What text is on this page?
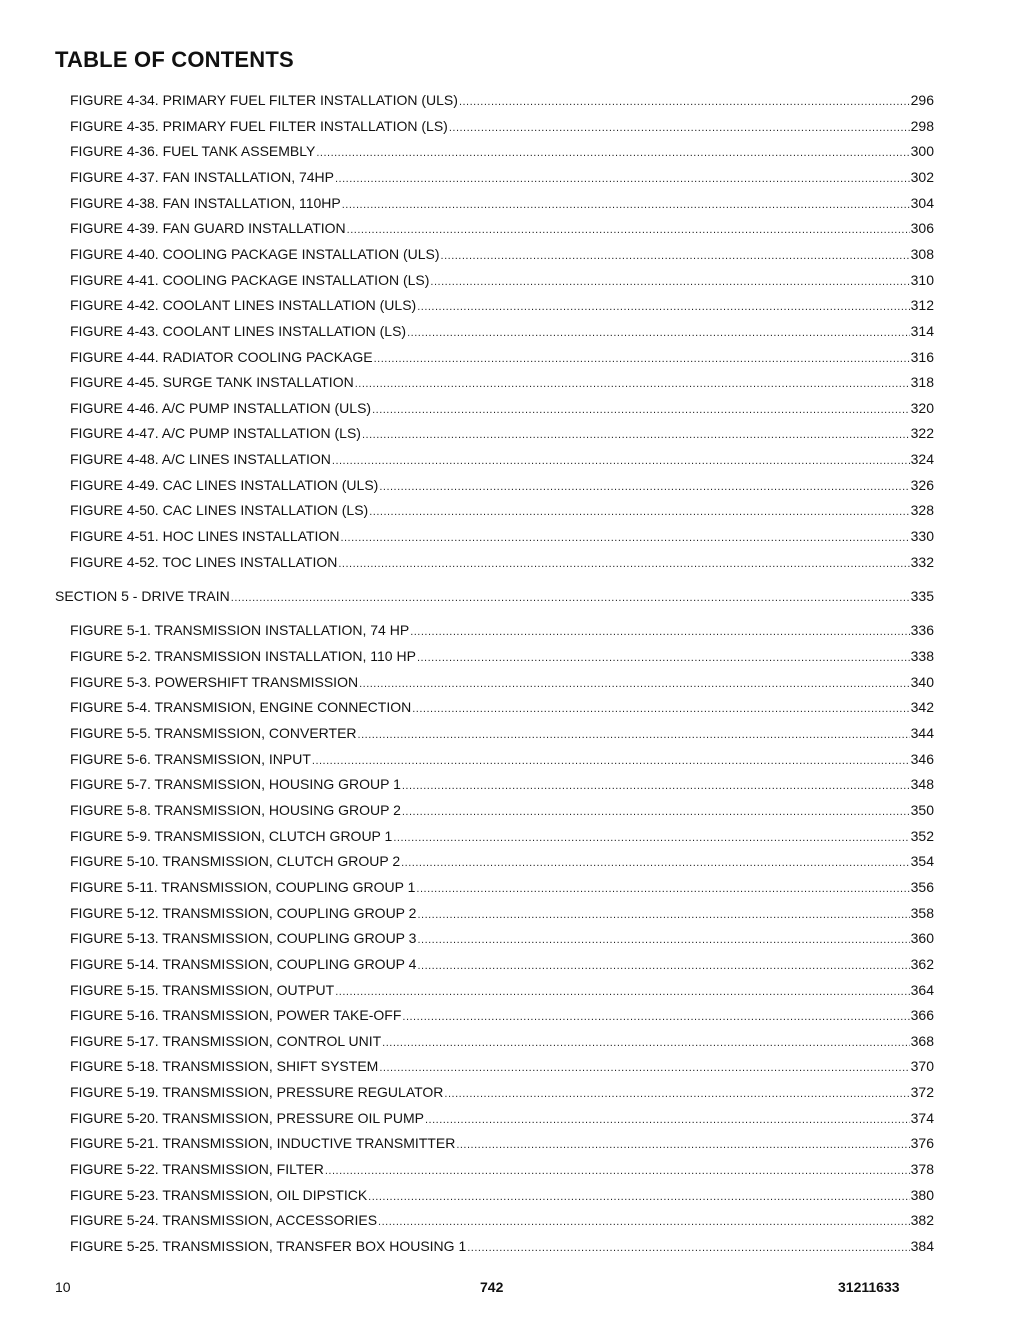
TABLE OF CONTENTS
FIGURE 4-34. PRIMARY FUEL FILTER INSTALLATION (ULS) .....	296
FIGURE 4-35. PRIMARY FUEL FILTER INSTALLATION (LS) .....	298
FIGURE 4-36. FUEL TANK ASSEMBLY .....	300
FIGURE 4-37. FAN INSTALLATION, 74HP .....	302
FIGURE 4-38. FAN INSTALLATION, 110HP .....	304
FIGURE 4-39. FAN GUARD INSTALLATION .....	306
FIGURE 4-40. COOLING PACKAGE INSTALLATION (ULS) .....	308
FIGURE 4-41. COOLING PACKAGE INSTALLATION (LS) .....	310
FIGURE 4-42. COOLANT LINES INSTALLATION (ULS) .....	312
FIGURE 4-43. COOLANT LINES INSTALLATION (LS) .....	314
FIGURE 4-44. RADIATOR COOLING PACKAGE .....	316
FIGURE 4-45. SURGE TANK INSTALLATION .....	318
FIGURE 4-46. A/C PUMP INSTALLATION (ULS) .....	320
FIGURE 4-47. A/C PUMP INSTALLATION (LS) .....	322
FIGURE 4-48. A/C LINES INSTALLATION .....	324
FIGURE 4-49. CAC LINES INSTALLATION (ULS) .....	326
FIGURE 4-50. CAC LINES INSTALLATION (LS) .....	328
FIGURE 4-51. HOC LINES INSTALLATION .....	330
FIGURE 4-52. TOC LINES INSTALLATION .....	332
SECTION 5 - DRIVE TRAIN .....	335
FIGURE 5-1. TRANSMISSION INSTALLATION, 74 HP .....	336
FIGURE 5-2. TRANSMISSION INSTALLATION, 110 HP .....	338
FIGURE 5-3. POWERSHIFT TRANSMISSION .....	340
FIGURE 5-4. TRANSMISION, ENGINE CONNECTION .....	342
FIGURE 5-5. TRANSMISSION, CONVERTER .....	344
FIGURE 5-6. TRANSMISSION, INPUT .....	346
FIGURE 5-7. TRANSMISSION, HOUSING GROUP 1 .....	348
FIGURE 5-8. TRANSMISSION, HOUSING GROUP 2 .....	350
FIGURE 5-9. TRANSMISSION, CLUTCH GROUP 1 .....	352
FIGURE 5-10. TRANSMISSION, CLUTCH GROUP 2 .....	354
FIGURE 5-11. TRANSMISSION, COUPLING GROUP 1 .....	356
FIGURE 5-12. TRANSMISSION, COUPLING GROUP 2 .....	358
FIGURE 5-13. TRANSMISSION, COUPLING GROUP 3 .....	360
FIGURE 5-14. TRANSMISSION, COUPLING GROUP 4 .....	362
FIGURE 5-15. TRANSMISSION, OUTPUT .....	364
FIGURE 5-16. TRANSMISSION, POWER TAKE-OFF .....	366
FIGURE 5-17. TRANSMISSION, CONTROL UNIT .....	368
FIGURE 5-18. TRANSMISSION, SHIFT SYSTEM .....	370
FIGURE 5-19. TRANSMISSION, PRESSURE REGULATOR .....	372
FIGURE 5-20. TRANSMISSION, PRESSURE OIL PUMP .....	374
FIGURE 5-21. TRANSMISSION, INDUCTIVE TRANSMITTER .....	376
FIGURE 5-22. TRANSMISSION, FILTER .....	378
FIGURE 5-23. TRANSMISSION, OIL DIPSTICK .....	380
FIGURE 5-24. TRANSMISSION, ACCESSORIES .....	382
FIGURE 5-25. TRANSMISSION, TRANSFER BOX HOUSING 1 .....	384
10	742	31211633
